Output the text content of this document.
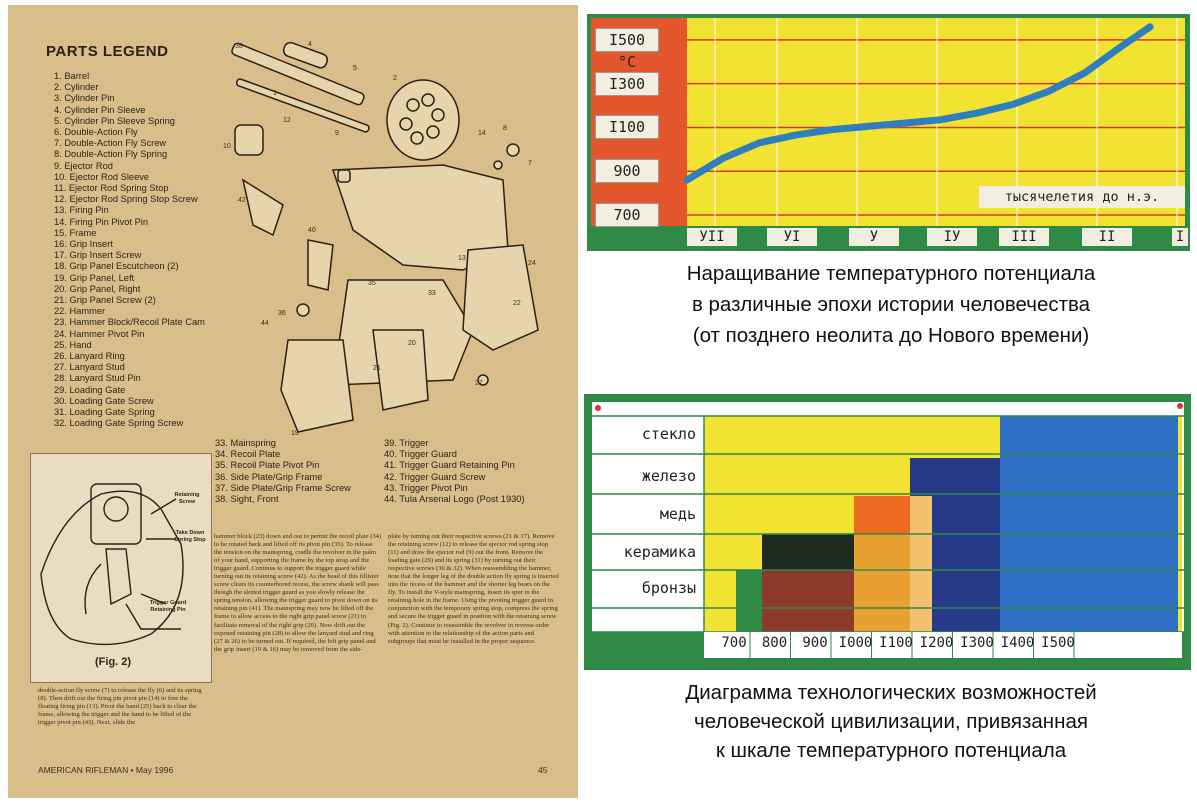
PARTS LEGEND
1. Barrel
2. Cylinder
3. Cylinder Pin
4. Cylinder Pin Sleeve
5. Cylinder Pin Sleeve Spring
6. Double-Action Fly
7. Double-Action Fly Screw
8. Double-Action Fly Spring
9. Ejector Rod
10. Ejector Rod Sleeve
11. Ejector Rod Spring Stop
12. Ejector Rod Spring Stop Screw
13. Firing Pin
14. Firing Pin Pivot Pin
15. Frame
16. Grip Insert
17. Grip Insert Screw
18. Grip Panel Escutcheon (2)
19. Grip Panel, Left
20. Grip Panel, Right
21. Grip Panel Screw (2)
22. Hammer
23. Hammer Block/Recoil Plate Cam
24. Hammer Pivot Pin
25. Hand
26. Lanyard Ring
27. Lanyard Stud
28. Lanyard Stud Pin
29. Loading Gate
30. Loading Gate Screw
31. Loading Gate Spring
32. Loading Gate Spring Screw
33. Mainspring
34. Recoil Plate
35. Recoil Plate Pivot Pin
36. Side Plate/Grip Frame
37. Side Plate/Grip Frame Screw
38. Sight, Front
39. Trigger
40. Trigger Guard
41. Trigger Guard Retaining Pin
42. Trigger Guard Screw
43. Trigger Pivot Pin
44. Tula Arsenal Logo (Post 1930)
38	4
5
1
2
9
10
12
14
8
7
42
40
35
13
24
36
44
21
20
33
27
19
22
Retaining Screw
Take Down Spring Stop
Trigger Guard Retaining Pin
(Fig. 2)
double-action fly screw (7) to release the fly (6) and its spring (8). Then drift out the firing pin pivot pin (14) to free the floating firing pin (13). Pivot the hand (25) back to clear the frame, allowing the trigger and the hand to be lifted of the trigger pivot pin (43). Next, slide the
hammer block (23) down and out to permit the recoil plate (34) to be rotated back and lifted off its pivot pin (35). To release the tension on the mainspring, cradle the revolver in the palm of your hand, supporting the frame by the top strap and the trigger guard. Continue to support the trigger guard while turning out its retaining screw (42). As the head of this fillister screw clears its counterbored recess, the screw shank will pass though the slotted trigger guard as you slowly release the spring tension, allowing the trigger guard to pivot down on its retaining pin (41). The mainspring may now be lifted off the frame to allow access to the right grip panel screw (21) to facilitate removal of the right grip (20). Now drift out the exposed retaining pin (28) to allow the lanyard stud and ring (27 & 26) to be turned out. If required, the left grip panel and the grip insert (19 & 16) may be removed from the side-
plate by turning out their respective screws (21 & 17). Remove the retaining screw (12) to release the ejector rod spring stop (11) and draw the ejector rod (9) out the front. Remove the loading gate (29) and its spring (31) by turning out their respective screws (30 & 32). When reassembling the hammer, note that the longer leg of the double action fly spring is inserted into the recess of the hammer and the shorter leg bears on the fly. To install the V-style mainspring, insert its spur in the retaining hole in the frame. Using the pivoting trigger guard in conjunction with the temporary spring stop, compress the spring and secure the trigger guard in position with the retaining screw (Fig. 2). Continue to reassemble the revolver in reverse order with attention to the relationship of the action parts and subgroups that must be installed in the proper sequence.
AMERICAN RIFLEMAN • May 1996	45
700
900
I100
I300
I500 °C
УII	УI	У	IУ	III	II	I
тысячелетия до н.э.
Наращивание температурного потенциала
в различные эпохи истории человечества
(от позднего неолита до Нового времени)
бронзы
керамика
медь
железо
стекло
700	800	900 I000 I100 I200 I300 I400 I500
Диаграмма технологических возможностей
человеческой цивилизации, привязанная
к шкале температурного потенциала
